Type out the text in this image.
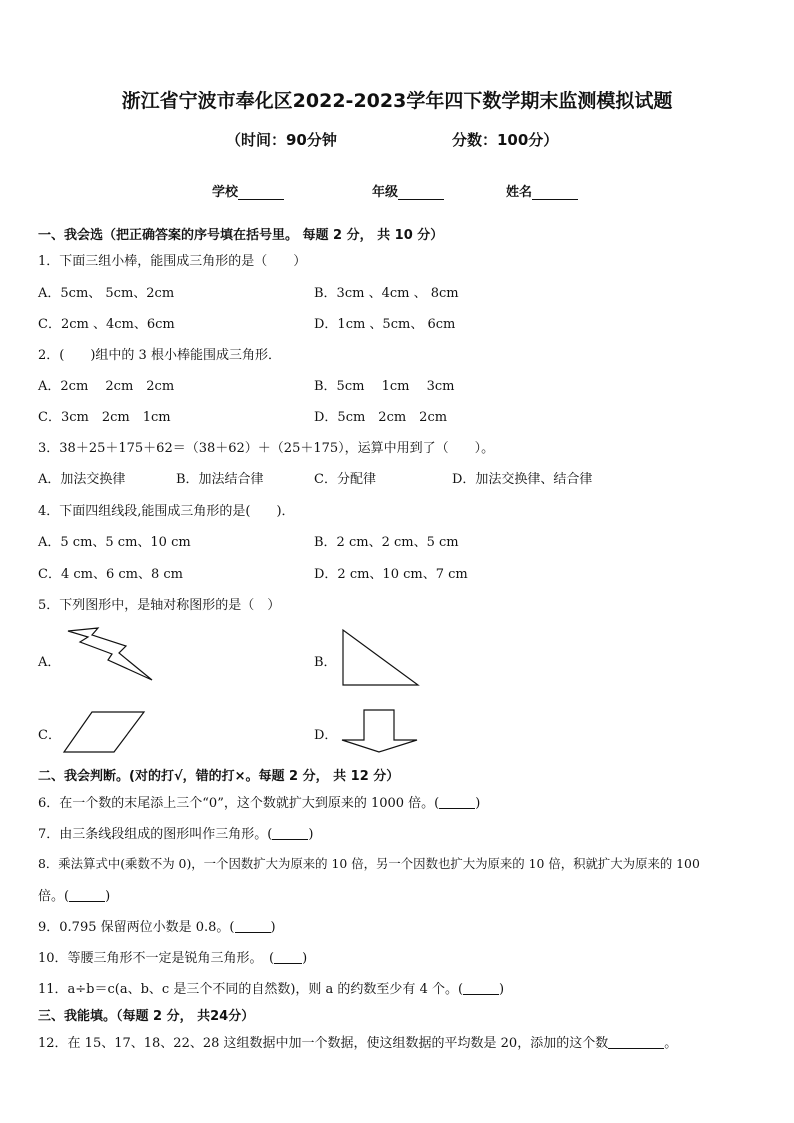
浙江省宁波市奉化区2022-2023学年四下数学期末监测模拟试题
（时间：90分钟	分数：100分）
学校	年级	姓名
一、我会选（把正确答案的序号填在括号里。 每题 2 分， 共 10 分）
1．下面三组小棒，能围成三角形的是（　　）
A．5cm、 5cm、2cm	B．3cm 、4cm 、 8cm
C．2cm 、4cm、6cm	D．1cm 、5cm、 6cm
2．(　　)组中的 3 根小棒能围成三角形．
A．2cm　 2cm　2cm	B．5cm　 1cm　 3cm
C．3cm　2cm　1cm	D．5cm　2cm　2cm
3．38＋25＋175＋62＝（38＋62）＋（25＋175），运算中用到了（　　）。
A．加法交换律	B．加法结合律	C．分配律	D．加法交换律、结合律
4．下面四组线段,能围成三角形的是(　　)．
A．5 cm、5 cm、10 cm	B．2 cm、2 cm、5 cm
C．4 cm、6 cm、8 cm	D．2 cm、10 cm、7 cm
5．下列图形中，是轴对称图形的是（　）
A．	B．
C．	D．
二、我会判断。(对的打√，错的打×。每题 2 分， 共 12 分）
6．在一个数的末尾添上三个“0”，这个数就扩大到原来的 1000 倍。(	)
7．由三条线段组成的图形叫作三角形。(	)
8．乘法算式中(乘数不为 0)，一个因数扩大为原来的 10 倍，另一个因数也扩大为原来的 10 倍，积就扩大为原来的 100
倍。(	)
9．0.795 保留两位小数是 0.8。(	)
10．等腰三角形不一定是锐角三角形。　( )
11．a÷b＝c(a、b、c 是三个不同的自然数)，则 a 的约数至少有 4 个。(	)
三、我能填。（每题 2 分， 共24分）
12．在 15、17、18、22、28 这组数据中加一个数据，使这组数据的平均数是 20，添加的这个数	。
